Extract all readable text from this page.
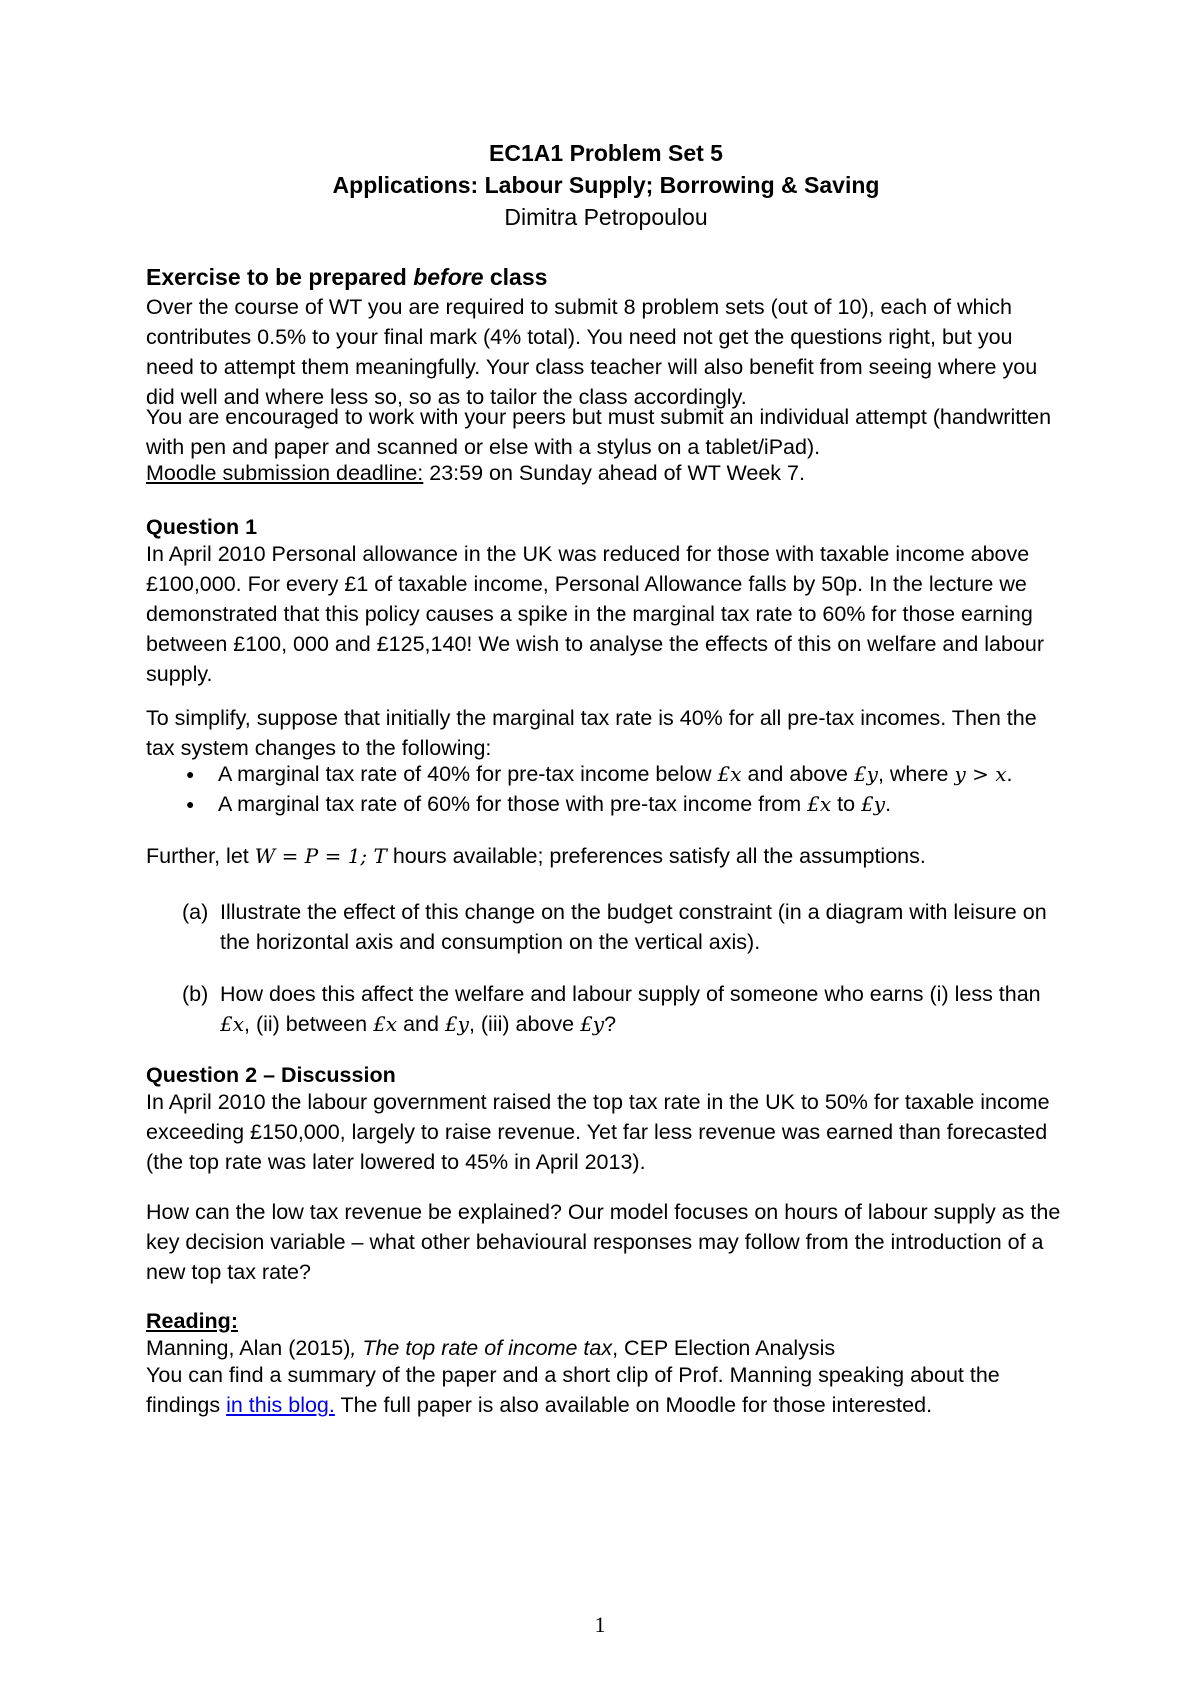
EC1A1 Problem Set 5
Applications: Labour Supply; Borrowing & Saving
Dimitra Petropoulou
Exercise to be prepared before class
Over the course of WT you are required to submit 8 problem sets (out of 10), each of which contributes 0.5% to your final mark (4% total). You need not get the questions right, but you need to attempt them meaningfully. Your class teacher will also benefit from seeing where you did well and where less so, so as to tailor the class accordingly.
You are encouraged to work with your peers but must submit an individual attempt (handwritten with pen and paper and scanned or else with a stylus on a tablet/iPad).
Moodle submission deadline: 23:59 on Sunday ahead of WT Week 7.
Question 1
In April 2010 Personal allowance in the UK was reduced for those with taxable income above £100,000. For every £1 of taxable income, Personal Allowance falls by 50p. In the lecture we demonstrated that this policy causes a spike in the marginal tax rate to 60% for those earning between £100, 000 and £125,140! We wish to analyse the effects of this on welfare and labour supply.
To simplify, suppose that initially the marginal tax rate is 40% for all pre-tax incomes. Then the tax system changes to the following:
● A marginal tax rate of 40% for pre-tax income below £x and above £y, where y > x.
● A marginal tax rate of 60% for those with pre-tax income from £x to £y.
Further, let W = P = 1; T hours available; preferences satisfy all the assumptions.
(a) Illustrate the effect of this change on the budget constraint (in a diagram with leisure on the horizontal axis and consumption on the vertical axis).
(b) How does this affect the welfare and labour supply of someone who earns (i) less than £x, (ii) between £x and £y, (iii) above £y?
Question 2 – Discussion
In April 2010 the labour government raised the top tax rate in the UK to 50% for taxable income exceeding £150,000, largely to raise revenue. Yet far less revenue was earned than forecasted (the top rate was later lowered to 45% in April 2013).
How can the low tax revenue be explained? Our model focuses on hours of labour supply as the key decision variable – what other behavioural responses may follow from the introduction of a new top tax rate?
Reading:
Manning, Alan (2015), The top rate of income tax, CEP Election Analysis
You can find a summary of the paper and a short clip of Prof. Manning speaking about the findings in this blog. The full paper is also available on Moodle for those interested.
1
